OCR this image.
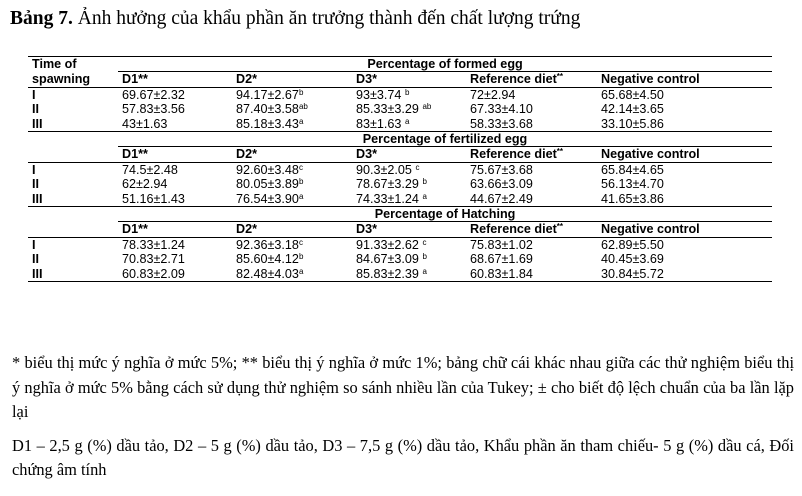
Bảng 7. Ảnh hưởng của khẩu phần ăn trưởng thành đến chất lượng trứng
Time of	Percentage of formed egg				
spawning	D1**	D2*	D3*	Reference diet**	Negative control
I	69.67±2.32	94.17±2.67$^b$	93±3.74 $^b$	72±2.94	65.68±4.50
II	57.83±3.56	87.40±3.58$^{ab}$	85.33±3.29 $^{ab}$	67.33±4.10	42.14±3.65
III	43±1.63	85.18±3.43$^a$	83±1.63 $^a$	58.33±3.68	33.10±5.86
	Percentage of fertilized egg				
	D1**	D2*	D3*	Reference diet**	Negative control
I	74.5±2.48	92.60±3.48$^c$	90.3±2.05 $^c$	75.67±3.68	65.84±4.65
II	62±2.94	80.05±3.89$^b$	78.67±3.29 $^b$	63.66±3.09	56.13±4.70
III	51.16±1.43	76.54±3.90$^a$	74.33±1.24 $^a$	44.67±2.49	41.65±3.86
	Percentage of Hatching				
	D1**	D2*	D3*	Reference diet**	Negative control
I	78.33±1.24	92.36±3.18$^c$	91.33±2.62 $^c$	75.83±1.02	62.89±5.50
II	70.83±2.71	85.60±4.12$^b$	84.67±3.09 $^b$	68.67±1.69	40.45±3.69
III	60.83±2.09	82.48±4.03$^a$	85.83±2.39 $^a$	60.83±1.84	30.84±5.72

* biểu thị mức ý nghĩa ở mức 5%; ** biểu thị ý nghĩa ở mức 1%; bảng chữ cái khác nhau giữa các thử nghiệm biểu thị ý nghĩa ở mức 5% bằng cách sử dụng thử nghiệm so sánh nhiều lần của Tukey; ± cho biết độ lệch chuẩn của ba lần lặp lại

D1 – 2,5 g (%) dầu tảo, D2 – 5 g (%) dầu tảo, D3 – 7,5 g (%) dầu tảo, Khẩu phần ăn tham chiếu- 5 g (%) dầu cá, Đối chứng âm tính
